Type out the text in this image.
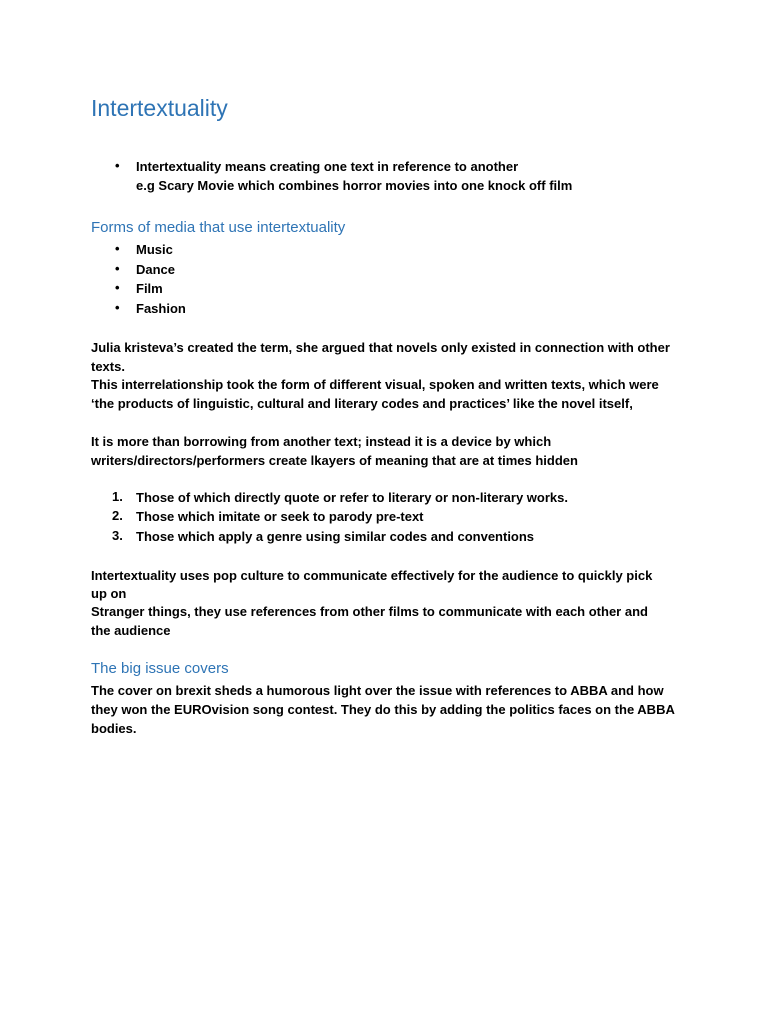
Intertextuality
• Intertextuality means creating one text in reference to another
e.g Scary Movie which combines horror movies into one knock off film
Forms of media that use intertextuality
• Music
• Dance
• Film
• Fashion
Julia kristeva’s created the term, she argued that novels only existed in connection with other
texts.
This interrelationship took the form of different visual, spoken and written texts, which were
‘the products of linguistic, cultural and literary codes and practices’ like the novel itself,
It is more than borrowing from another text; instead it is a device by which
writers/directors/performers create lkayers of meaning that are at times hidden
1. Those of which directly quote or refer to literary or non-literary works.
2. Those which imitate or seek to parody pre-text
3. Those which apply a genre using similar codes and conventions
Intertextuality uses pop culture to communicate effectively for the audience to quickly pick
up on
Stranger things, they use references from other films to communicate with each other and
the audience
The big issue covers
The cover on brexit sheds a humorous light over the issue with references to ABBA and how
they won the EUROvision song contest. They do this by adding the politics faces on the ABBA
bodies.
